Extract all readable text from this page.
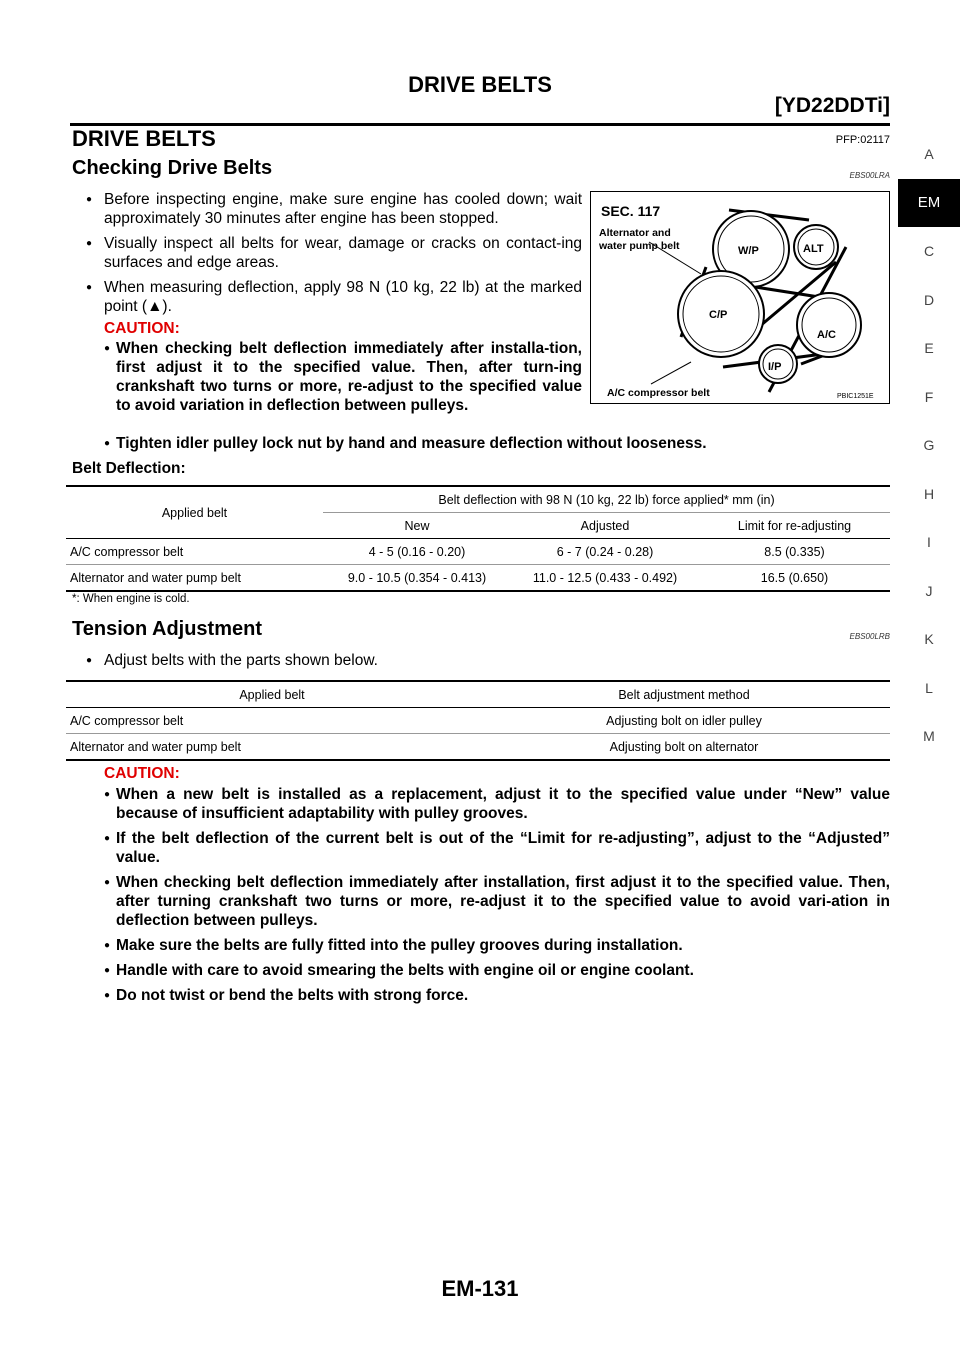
DRIVE BELTS
[YD22DDTi]
A
EM
C
D
E
F
G
H
I
J
K
L
M
DRIVE BELTS	PFP:02117
Checking Drive Belts	EBS00LRA
● Before inspecting engine, make sure engine has cooled down; wait approximately 30 minutes after engine has been stopped.
● Visually inspect all belts for wear, damage or cracks on contact-ing surfaces and edge areas.
● When measuring deflection, apply 98 N (10 kg, 22 lb) at the marked point (▲).
CAUTION:
● When checking belt deflection immediately after installa-tion, first adjust it to the specified value. Then, after turn-ing crankshaft two turns or more, re-adjust to the specified value to avoid variation in deflection between pulleys.
● Tighten idler pulley lock nut by hand and measure deflection without looseness.
SEC. 117
Alternator and
water pump belt	W/P	ALT
C/P
A/C
I/P
A/C compressor belt	PBIC1251E
Belt Deflection:
Applied belt	Belt deflection with 98 N (10 kg, 22 lb) force applied* mm (in)		
	New	Adjusted	Limit for re-adjusting
A/C compressor belt	4 - 5 (0.16 - 0.20)	6 - 7 (0.24 - 0.28)	8.5 (0.335)
Alternator and water pump belt	9.0 - 10.5 (0.354 - 0.413)	11.0 - 12.5 (0.433 - 0.492)	16.5 (0.650)
*: When engine is cold.
Tension Adjustment	EBS00LRB
● Adjust belts with the parts shown below.
Applied belt	Belt adjustment method
A/C compressor belt	Adjusting bolt on idler pulley
Alternator and water pump belt	Adjusting bolt on alternator
CAUTION:
● When a new belt is installed as a replacement, adjust it to the specified value under “New” value because of insufficient adaptability with pulley grooves.
● If the belt deflection of the current belt is out of the “Limit for re-adjusting”, adjust to the “Adjusted” value.
● When checking belt deflection immediately after installation, first adjust it to the specified value. Then, after turning crankshaft two turns or more, re-adjust it to the specified value to avoid vari-ation in deflection between pulleys.
● Make sure the belts are fully fitted into the pulley grooves during installation.
● Handle with care to avoid smearing the belts with engine oil or engine coolant.
● Do not twist or bend the belts with strong force.
EM-131
